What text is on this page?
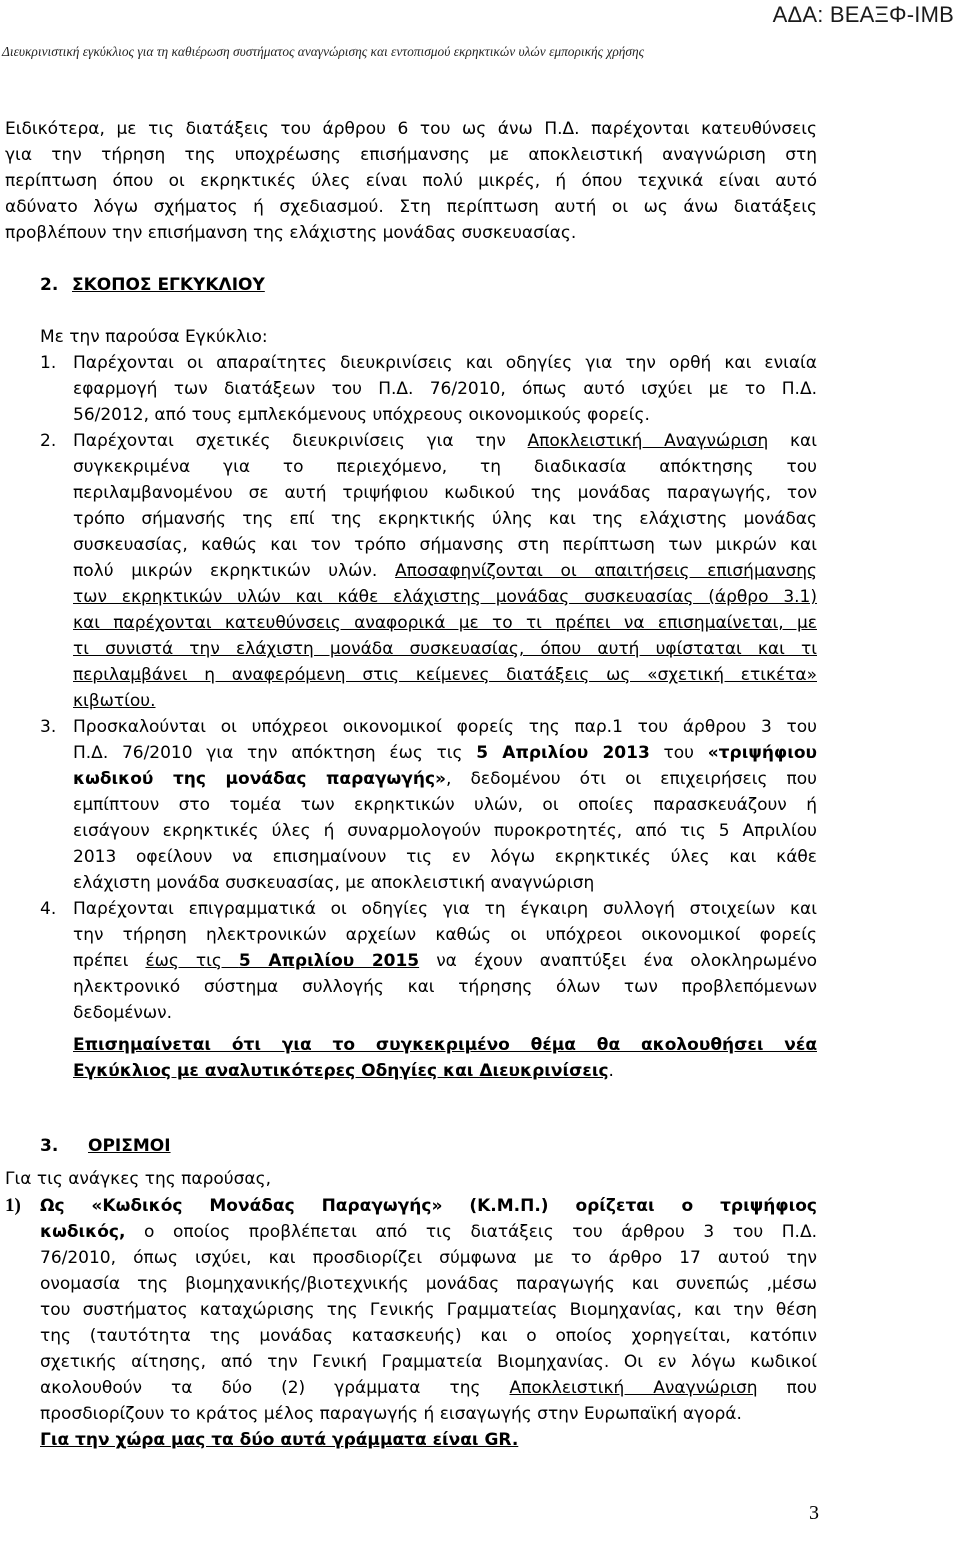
ΑΔΑ: ΒΕΑΞΦ-ΙΜΒ
Διευκρινιστική εγκύκλιος για τη καθιέρωση συστήματος αναγνώρισης και εντοπισμού εκρηκτικών υλών εμπορικής χρήσης
Ειδικότερα, με τις διατάξεις του άρθρου 6 του ως άνω Π.Δ. παρέχονται κατευθύνσεις
για την τήρηση της υποχρέωσης επισήμανσης με αποκλειστική αναγνώριση στη
περίπτωση όπου οι εκρηκτικές ύλες είναι πολύ μικρές, ή όπου τεχνικά είναι αυτό
αδύνατο λόγω σχήματος ή σχεδιασμού. Στη περίπτωση αυτή οι ως άνω διατάξεις
προβλέπουν την επισήμανση της ελάχιστης μονάδας συσκευασίας.
2. ΣΚΟΠΟΣ ΕΓΚΥΚΛΙΟΥ
Με την παρούσα Εγκύκλιο:
1. Παρέχονται οι απαραίτητες διευκρινίσεις και οδηγίες για την ορθή και ενιαία
εφαρμογή των διατάξεων του Π.Δ. 76/2010, όπως αυτό ισχύει με το Π.Δ.
56/2012, από τους εμπλεκόμενους υπόχρεους οικονομικούς φορείς.
2. Παρέχονται σχετικές διευκρινίσεις για την Αποκλειστική Αναγνώριση και
συγκεκριμένα για το περιεχόμενο, τη διαδικασία απόκτησης του
περιλαμβανομένου σε αυτή τριψήφιου κωδικού της μονάδας παραγωγής, τον
τρόπο σήμανσής της επί της εκρηκτικής ύλης και της ελάχιστης μονάδας
συσκευασίας, καθώς και τον τρόπο σήμανσης στη περίπτωση των μικρών και
πολύ μικρών εκρηκτικών υλών. Αποσαφηνίζονται οι απαιτήσεις επισήμανσης
των εκρηκτικών υλών και κάθε ελάχιστης μονάδας συσκευασίας (άρθρο 3.1)
και παρέχονται κατευθύνσεις αναφορικά με το τι πρέπει να επισημαίνεται, με
τι συνιστά την ελάχιστη μονάδα συσκευασίας, όπου αυτή υφίσταται και τι
περιλαμβάνει η αναφερόμενη στις κείμενες διατάξεις ως «σχετική ετικέτα»
κιβωτίου.
3. Προσκαλούνται οι υπόχρεοι οικονομικοί φορείς της παρ.1 του άρθρου 3 του
Π.Δ. 76/2010 για την απόκτηση έως τις 5 Απριλίου 2013 του «τριψήφιου
κωδικού της μονάδας παραγωγής», δεδομένου ότι οι επιχειρήσεις που
εμπίπτουν στο τομέα των εκρηκτικών υλών, οι οποίες παρασκευάζουν ή
εισάγουν εκρηκτικές ύλες ή συναρμολογούν πυροκροτητές, από τις 5 Απριλίου
2013 οφείλουν να επισημαίνουν τις εν λόγω εκρηκτικές ύλες και κάθε
ελάχιστη μονάδα συσκευασίας, με αποκλειστική αναγνώριση
4. Παρέχονται επιγραμματικά οι οδηγίες για τη έγκαιρη συλλογή στοιχείων και
την τήρηση ηλεκτρονικών αρχείων καθώς οι υπόχρεοι οικονομικοί φορείς
πρέπει έως τις 5 Απριλίου 2015 να έχουν αναπτύξει ένα ολοκληρωμένο
ηλεκτρονικό σύστημα συλλογής και τήρησης όλων των προβλεπόμενων
δεδομένων.
Επισημαίνεται ότι για το συγκεκριμένο θέμα θα ακολουθήσει νέα
Εγκύκλιος με αναλυτικότερες Οδηγίες και Διευκρινίσεις.
3. ΟΡΙΣΜΟΙ
Για τις ανάγκες της παρούσας,
1) Ως «Κωδικός Μονάδας Παραγωγής» (Κ.Μ.Π.) ορίζεται ο τριψήφιος
κωδικός, ο οποίος προβλέπεται από τις διατάξεις του άρθρου 3 του Π.Δ.
76/2010, όπως ισχύει, και προσδιορίζει σύμφωνα με το άρθρο 17 αυτού την
ονομασία της βιομηχανικής/βιοτεχνικής μονάδας παραγωγής και συνεπώς ,μέσω
του συστήματος καταχώρισης της Γενικής Γραμματείας Βιομηχανίας, και την θέση
της (ταυτότητα της μονάδας κατασκευής) και ο οποίος χορηγείται, κατόπιν
σχετικής αίτησης, από την Γενική Γραμματεία Βιομηχανίας. Οι εν λόγω κωδικοί
ακολουθούν τα δύο (2) γράμματα της Αποκλειστική Αναγνώριση που
προσδιορίζουν το κράτος μέλος παραγωγής ή εισαγωγής στην Ευρωπαϊκή αγορά.
Για την χώρα μας τα δύο αυτά γράμματα είναι GR.
3
